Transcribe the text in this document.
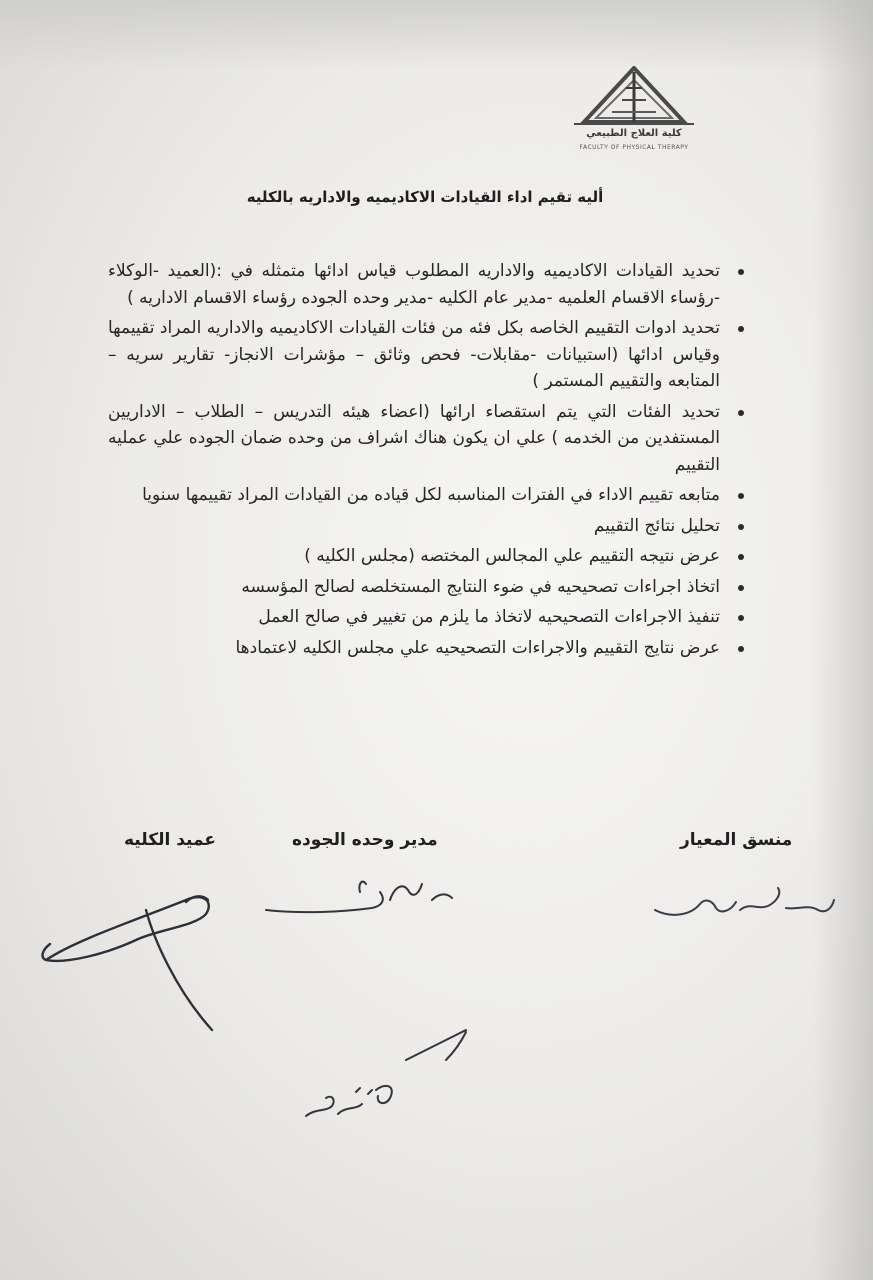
كلية العلاج الطبيعي
FACULTY OF PHYSICAL THERAPY
أليه تقيم اداء القيادات الاكاديميه والاداريه بالكليه
تحديد القيادات الاكاديميه والاداريه المطلوب قياس ادائها متمثله في :(العميد -الوكلاء -رؤساء الاقسام العلميه -مدير عام الكليه -مدير وحده الجوده رؤساء الاقسام الاداريه )
تحديد ادوات التقييم الخاصه بكل فئه من فئات القيادات الاكاديميه والاداريه المراد تقييمها وقياس ادائها (استبيانات -مقابلات- فحص وثائق – مؤشرات الانجاز- تقارير سريه – المتابعه والتقييم المستمر )
تحديد الفئات التي يتم استقصاء ارائها (اعضاء هيئه التدريس – الطلاب – الاداريين المستفدين من الخدمه ) علي ان يكون هناك اشراف من وحده ضمان الجوده علي عمليه التقييم
متابعه تقييم الاداء في الفترات المناسبه لكل قياده من القيادات المراد تقييمها سنويا
تحليل نتائج التقييم
عرض نتيجه التقييم علي المجالس المختصه (مجلس الكليه )
اتخاذ اجراءات تصحيحيه في ضوء النتايج المستخلصه لصالح المؤسسه
تنفيذ الاجراءات التصحيحيه لاتخاذ ما يلزم من تغيير في صالح العمل
عرض نتايج التقييم والاجراءات التصحيحيه علي مجلس الكليه لاعتمادها
منسق المعيار
مدير وحده الجوده
عميد الكليه
